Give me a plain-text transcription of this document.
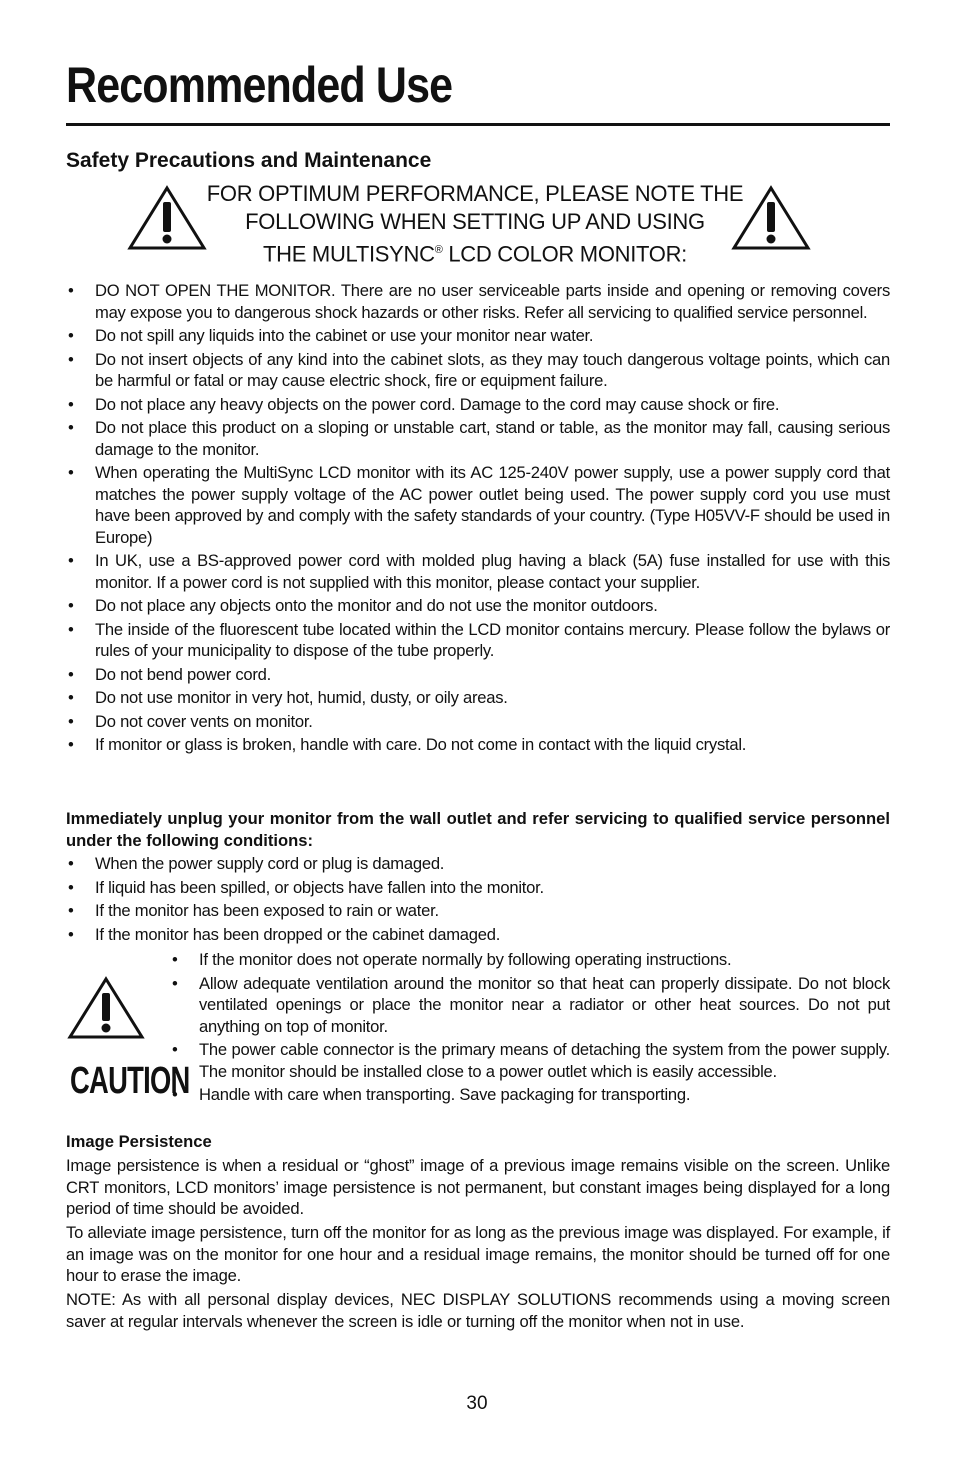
Recommended Use
Safety Precautions and Maintenance
FOR OPTIMUM PERFORMANCE, PLEASE NOTE THE
FOLLOWING WHEN SETTING UP AND USING
THE MULTISYNC® LCD COLOR MONITOR:
• DO NOT OPEN THE MONITOR. There are no user serviceable parts inside and opening or removing covers may expose you to dangerous shock hazards or other risks. Refer all servicing to qualified service personnel.
• Do not spill any liquids into the cabinet or use your monitor near water.
• Do not insert objects of any kind into the cabinet slots, as they may touch dangerous voltage points, which can be harmful or fatal or may cause electric shock, fire or equipment failure.
• Do not place any heavy objects on the power cord. Damage to the cord may cause shock or fire.
• Do not place this product on a sloping or unstable cart, stand or table, as the monitor may fall, causing serious damage to the monitor.
• When operating the MultiSync LCD monitor with its AC 125-240V power supply, use a power supply cord that matches the power supply voltage of the AC power outlet being used. The power supply cord you use must have been approved by and comply with the safety standards of your country. (Type H05VV-F should be used in Europe)
• In UK, use a BS-approved power cord with molded plug having a black (5A) fuse installed for use with this monitor. If a power cord is not supplied with this monitor, please contact your supplier.
• Do not place any objects onto the monitor and do not use the monitor outdoors.
• The inside of the fluorescent tube located within the LCD monitor contains mercury. Please follow the bylaws or rules of your municipality to dispose of the tube properly.
• Do not bend power cord.
• Do not use monitor in very hot, humid, dusty, or oily areas.
• Do not cover vents on monitor.
• If monitor or glass is broken, handle with care. Do not come in contact with the liquid crystal.

Immediately unplug your monitor from the wall outlet and refer servicing to qualified service personnel under the following conditions:

• When the power supply cord or plug is damaged.
• If liquid has been spilled, or objects have fallen into the monitor.
• If the monitor has been exposed to rain or water.
• If the monitor has been dropped or the cabinet damaged.

CAUTION

• If the monitor does not operate normally by following operating instructions.
• Allow adequate ventilation around the monitor so that heat can properly dissipate. Do not block ventilated openings or place the monitor near a radiator or other heat sources. Do not put anything on top of monitor.
• The power cable connector is the primary means of detaching the system from the power supply. The monitor should be installed close to a power outlet which is easily accessible.
• Handle with care when transporting. Save packaging for transporting.
Image Persistence

Image persistence is when a residual or “ghost” image of a previous image remains visible on the screen. Unlike CRT monitors, LCD monitors’ image persistence is not permanent, but constant images being displayed for a long period of time should be avoided.

To alleviate image persistence, turn off the monitor for as long as the previous image was displayed. For example, if an image was on the monitor for one hour and a residual image remains, the monitor should be turned off for one hour to erase the image.

NOTE: As with all personal display devices, NEC DISPLAY SOLUTIONS recommends using a moving screen saver at regular intervals whenever the screen is idle or turning off the monitor when not in use.

30
